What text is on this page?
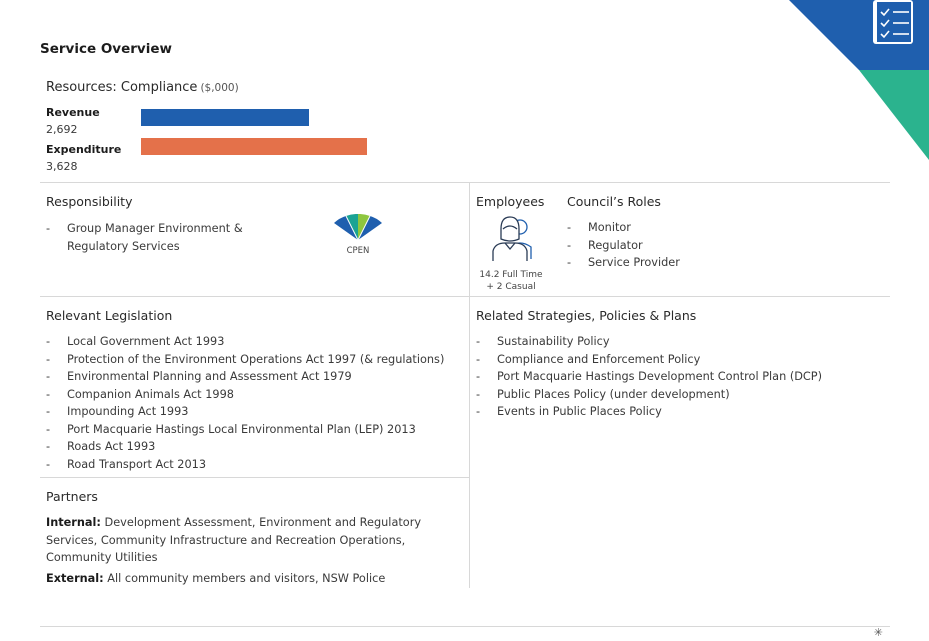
Service Overview
Resources: Compliance ($,000)
Revenue
2,692
Expenditure
3,628
Responsibility
- Group Manager Environment & Regulatory Services	CPEN
Employees
14.2 Full Time
+ 2 Casual
Council’s Roles
- Monitor
- Regulator
- Service Provider
Relevant Legislation
- Local Government Act 1993
- Protection of the Environment Operations Act 1997 (& regulations)
- Environmental Planning and Assessment Act 1979
- Companion Animals Act 1998
- Impounding Act 1993
- Port Macquarie Hastings Local Environmental Plan (LEP) 2013
- Roads Act 1993
- Road Transport Act 2013
Related Strategies, Policies & Plans
- Sustainability Policy
- Compliance and Enforcement Policy
- Port Macquarie Hastings Development Control Plan (DCP)
- Public Places Policy (under development)
- Events in Public Places Policy
Partners
Internal: Development Assessment, Environment and Regulatory Services, Community Infrastructure and Recreation Operations, Community Utilities
External: All community members and visitors, NSW Police
✳
